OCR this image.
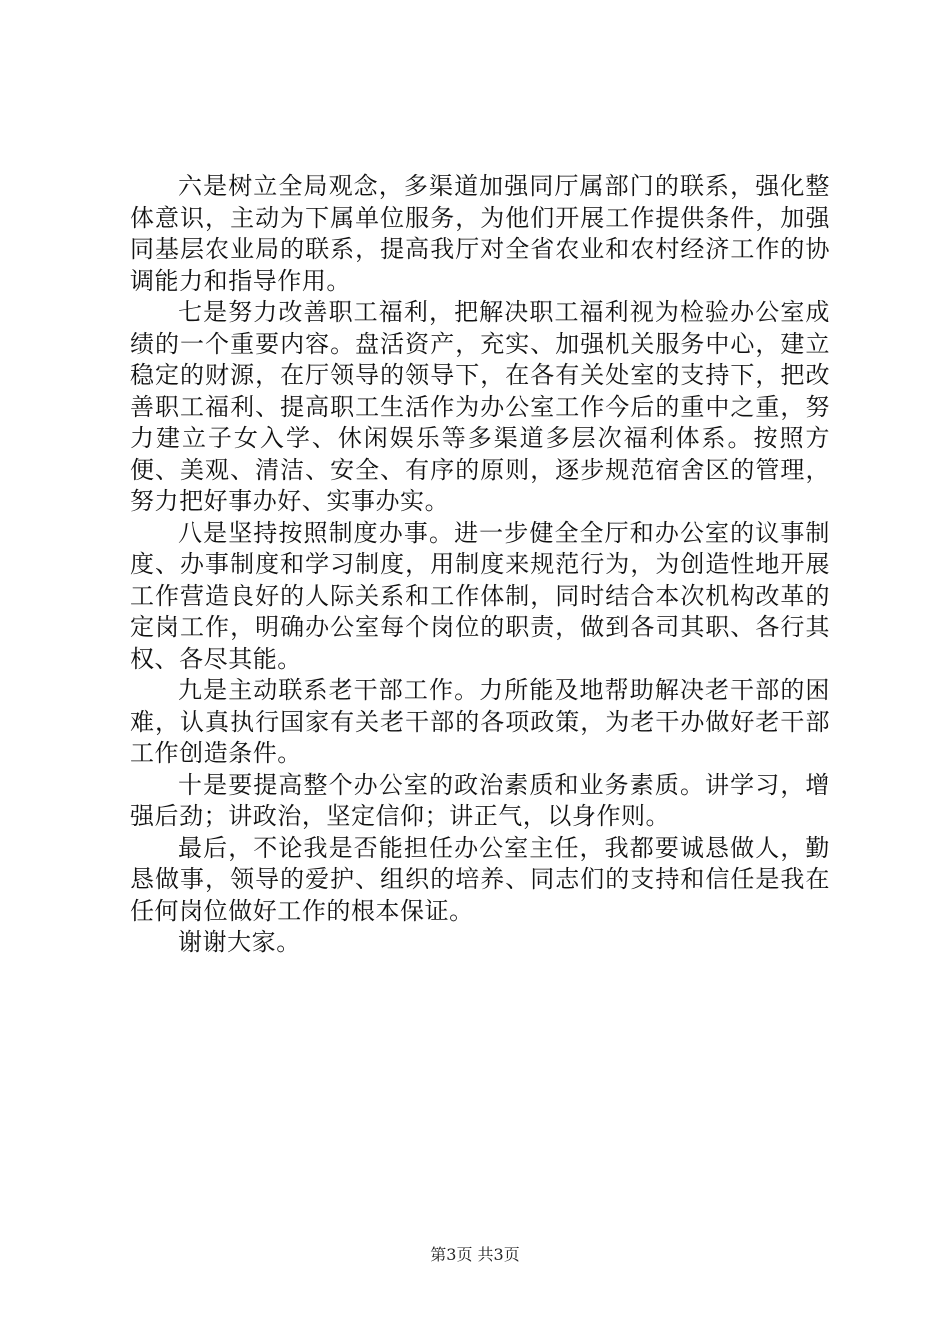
六是树立全局观念，多渠道加强同厅属部门的联系，强化整体意识，主动为下属单位服务，为他们开展工作提供条件，加强同基层农业局的联系，提高我厅对全省农业和农村经济工作的协调能力和指导作用。

七是努力改善职工福利，把解决职工福利视为检验办公室成绩的一个重要内容。盘活资产，充实、加强机关服务中心，建立稳定的财源，在厅领导的领导下，在各有关处室的支持下，把改善职工福利、提高职工生活作为办公室工作今后的重中之重，努力建立子女入学、休闲娱乐等多渠道多层次福利体系。按照方便、美观、清洁、安全、有序的原则，逐步规范宿舍区的管理，努力把好事办好、实事办实。

八是坚持按照制度办事。进一步健全全厅和办公室的议事制度、办事制度和学习制度，用制度来规范行为，为创造性地开展工作营造良好的人际关系和工作体制，同时结合本次机构改革的定岗工作，明确办公室每个岗位的职责，做到各司其职、各行其权、各尽其能。

九是主动联系老干部工作。力所能及地帮助解决老干部的困难，认真执行国家有关老干部的各项政策，为老干办做好老干部工作创造条件。

十是要提高整个办公室的政治素质和业务素质。讲学习，增强后劲；讲政治，坚定信仰；讲正气，以身作则。

最后，不论我是否能担任办公室主任，我都要诚恳做人，勤恳做事，领导的爱护、组织的培养、同志们的支持和信任是我在任何岗位做好工作的根本保证。

谢谢大家。

第3页 共3页
